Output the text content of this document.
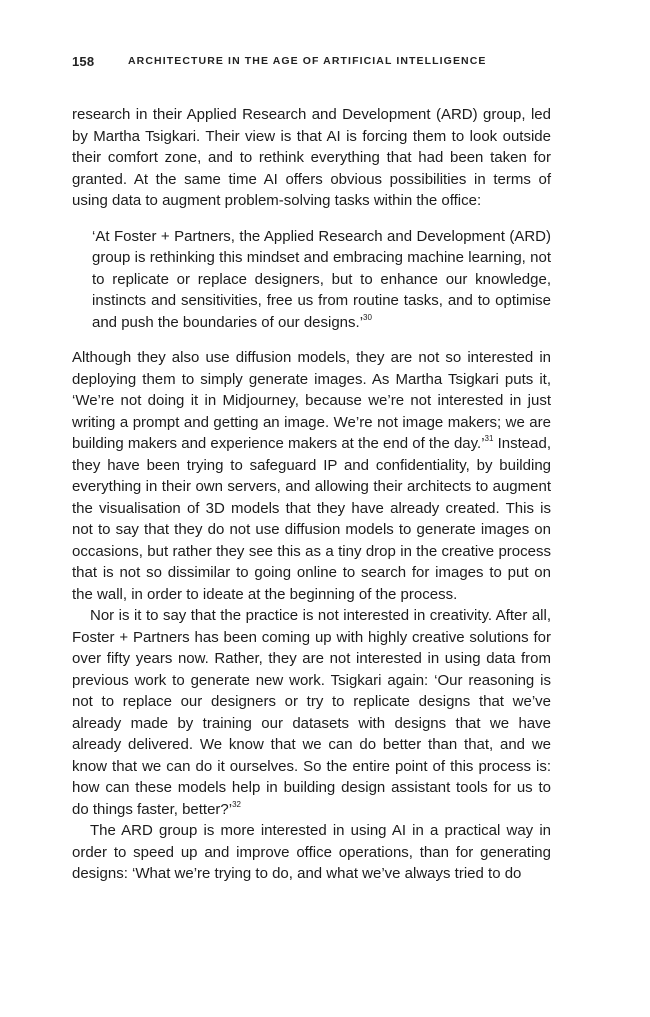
158	ARCHITECTURE IN THE AGE OF ARTIFICIAL INTELLIGENCE

research in their Applied Research and Development (ARD) group, led by Martha Tsigkari. Their view is that AI is forcing them to look outside their comfort zone, and to rethink everything that had been taken for granted. At the same time AI offers obvious possibilities in terms of using data to augment problem-solving tasks within the office:

‘At Foster + Partners, the Applied Research and Development (ARD) group is rethinking this mindset and embracing machine learning, not to replicate or replace designers, but to enhance our knowledge, instincts and sensitivities, free us from routine tasks, and to optimise and push the boundaries of our designs.’$^{30}$

Although they also use diffusion models, they are not so interested in deploying them to simply generate images. As Martha Tsigkari puts it, ‘We’re not doing it in Midjourney, because we’re not interested in just writing a prompt and getting an image. We’re not image makers; we are building makers and experience makers at the end of the day.’$^{31}$ Instead, they have been trying to safeguard IP and confidentiality, by building everything in their own servers, and allowing their architects to augment the visualisation of 3D models that they have already created. This is not to say that they do not use diffusion models to generate images on occasions, but rather they see this as a tiny drop in the creative process that is not so dissimilar to going online to search for images to put on the wall, in order to ideate at the beginning of the process.

Nor is it to say that the practice is not interested in creativity. After all, Foster + Partners has been coming up with highly creative solutions for over fifty years now. Rather, they are not interested in using data from previous work to generate new work. Tsigkari again: ‘Our reasoning is not to replace our designers or try to replicate designs that we’ve already made by training our datasets with designs that we have already delivered. We know that we can do better than that, and we know that we can do it ourselves. So the entire point of this process is: how can these models help in building design assistant tools for us to do things faster, better?’$^{32}$

The ARD group is more interested in using AI in a practical way in order to speed up and improve office operations, than for generating designs: ‘What we’re trying to do, and what we’ve always tried to do
